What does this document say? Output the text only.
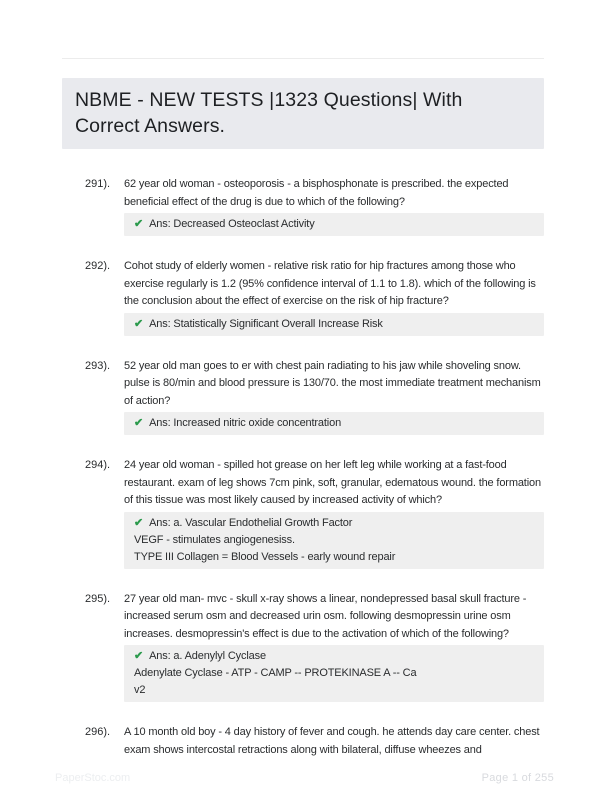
NBME - NEW TESTS |1323 Questions| With Correct Answers.
291).	62 year old woman - osteoporosis - a bisphosphonate is prescribed. the expected beneficial effect of the drug is due to which of the following?

✔ Ans: Decreased Osteoclast Activity
292).	Cohot study of elderly women - relative risk ratio for hip fractures among those who exercise regularly is 1.2 (95% confidence interval of 1.1 to 1.8). which of the following is the conclusion about the effect of exercise on the risk of hip fracture?

✔ Ans: Statistically Significant Overall Increase Risk
293).	52 year old man goes to er with chest pain radiating to his jaw while shoveling snow. pulse is 80/min and blood pressure is 130/70. the most immediate treatment mechanism of action?

✔ Ans: Increased nitric oxide concentration
294).	24 year old woman - spilled hot grease on her left leg while working at a fast-food restaurant. exam of leg shows 7cm pink, soft, granular, edematous wound. the formation of this tissue was most likely caused by increased activity of which?

✔ Ans: a. Vascular Endothelial Growth Factor
VEGF - stimulates angiogenesiss.
TYPE III Collagen = Blood Vessels - early wound repair
295).	27 year old man- mvc - skull x-ray shows a linear, nondepressed basal skull fracture - increased serum osm and decreased urin osm. following desmopressin urine osm increases. desmopressin's effect is due to the activation of which of the following?

✔ Ans: a. Adenylyl Cyclase
Adenylate Cyclase - ATP - CAMP -- PROTEKINASE A -- Ca
v2
296).	A 10 month old boy - 4 day history of fever and cough. he attends day care center. chest exam shows intercostal retractions along with bilateral, diffuse wheezes and

PaperStoc.com	Page 1 of 255
